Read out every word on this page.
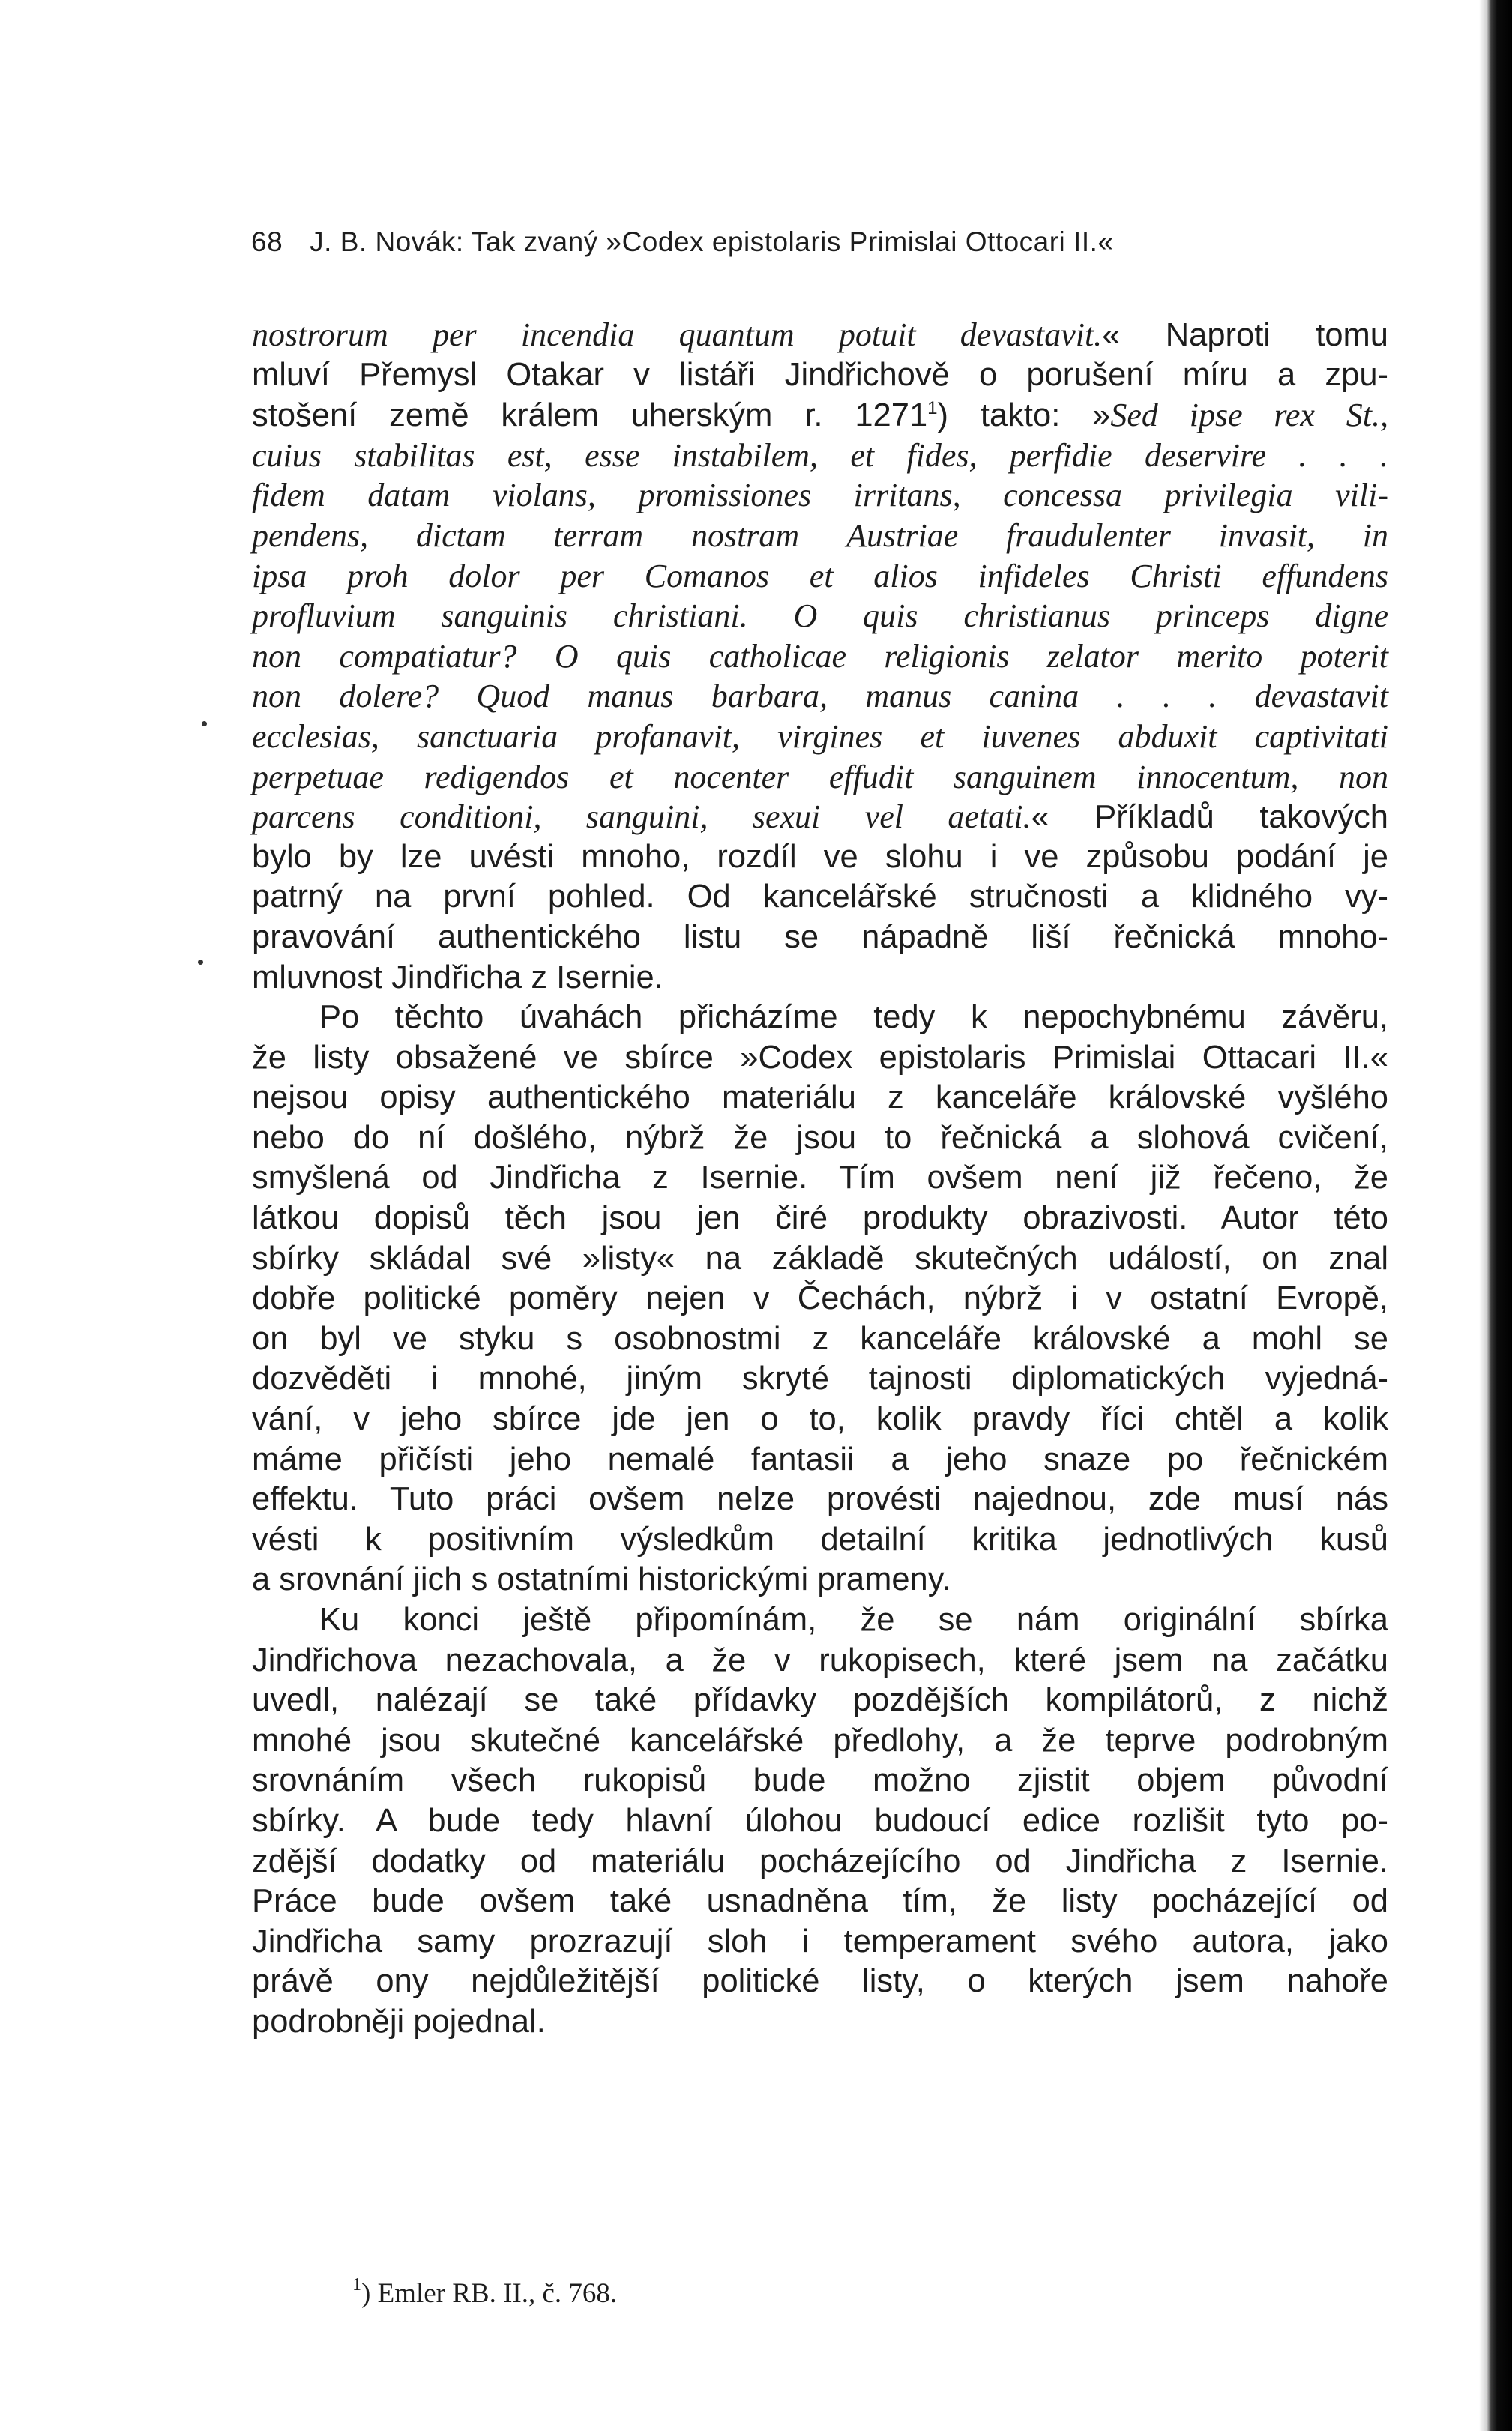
68 J. B. Novák: Tak zvaný »Codex epistolaris Primislai Ottocari II.«
nostrorum per incendia quantum potuit devastavit.« Naproti tomu
mluví Přemysl Otakar v listáři Jindřichově o porušení míru a zpu-
stošení země králem uherským r. 1271$^1$) takto: »Sed ipse rex St.,
cuius stabilitas est, esse instabilem, et fides, perfidie deservire . . .
fidem datam violans, promissiones irritans, concessa privilegia vili-
pendens, dictam terram nostram Austriae fraudulenter invasit, in
ipsa proh dolor per Comanos et alios infideles Christi effundens
profluvium sanguinis christiani. O quis christianus princeps digne
non compatiatur? O quis catholicae religionis zelator merito poterit
non dolere? Quod manus barbara, manus canina . . . devastavit
ecclesias, sanctuaria profanavit, virgines et iuvenes abduxit captivitati
perpetuae redigendos et nocenter effudit sanguinem innocentum, non
parcens conditioni, sanguini, sexui vel aetati.« Příkladů takových
bylo by lze uvésti mnoho, rozdíl ve slohu i ve způsobu podání je
patrný na první pohled. Od kancelářské stručnosti a klidného vy-
pravování authentického listu se nápadně liší řečnická mnoho-
mluvnost Jindřicha z Isernie.
Po těchto úvahách přicházíme tedy k nepochybnému závěru,
že listy obsažené ve sbírce »Codex epistolaris Primislai Ottacari II.«
nejsou opisy authentického materiálu z kanceláře královské vyšlého
nebo do ní došlého, nýbrž že jsou to řečnická a slohová cvičení,
smyšlená od Jindřicha z Isernie. Tím ovšem není již řečeno, že
látkou dopisů těch jsou jen čiré produkty obrazivosti. Autor této
sbírky skládal své »listy« na základě skutečných událostí, on znal
dobře politické poměry nejen v Čechách, nýbrž i v ostatní Evropě,
on byl ve styku s osobnostmi z kanceláře královské a mohl se
dozvěděti i mnohé, jiným skryté tajnosti diplomatických vyjedná-
vání, v jeho sbírce jde jen o to, kolik pravdy říci chtěl a kolik
máme přičísti jeho nemalé fantasii a jeho snaze po řečnickém
effektu. Tuto práci ovšem nelze provésti najednou, zde musí nás
vésti k positivním výsledkům detailní kritika jednotlivých kusů
a srovnání jich s ostatními historickými prameny.
Ku konci ještě připomínám, že se nám originální sbírka
Jindřichova nezachovala, a že v rukopisech, které jsem na začátku
uvedl, nalézají se také přídavky pozdějších kompilátorů, z nichž
mnohé jsou skutečné kancelářské předlohy, a že teprve podrobným
srovnáním všech rukopisů bude možno zjistit objem původní
sbírky. A bude tedy hlavní úlohou budoucí edice rozlišit tyto po-
zdější dodatky od materiálu pocházejícího od Jindřicha z Isernie.
Práce bude ovšem také usnadněna tím, že listy pocházející od
Jindřicha samy prozrazují sloh i temperament svého autora, jako
právě ony nejdůležitější politické listy, o kterých jsem nahoře
podrobněji pojednal.
$^1$) Emler RB. II., č. 768.
